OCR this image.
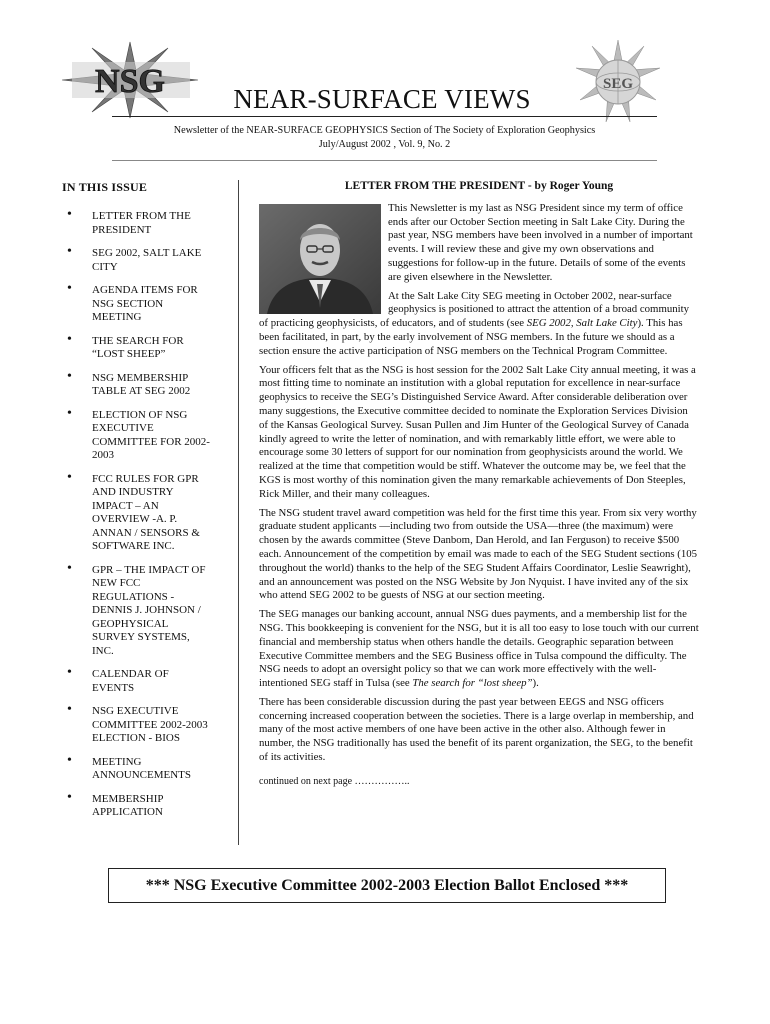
NSG	SEG
NEAR-SURFACE VIEWS
Newsletter of the NEAR-SURFACE GEOPHYSICS Section of The Society of Exploration Geophysics
July/August 2002 , Vol. 9, No. 2
IN THIS ISSUE
• LETTER FROM THE
PRESIDENT
• SEG 2002, SALT LAKE
CITY
• AGENDA ITEMS FOR
NSG SECTION
MEETING
• THE SEARCH FOR
“LOST SHEEP”
• NSG MEMBERSHIP
TABLE AT SEG 2002
• ELECTION OF NSG
EXECUTIVE
COMMITTEE FOR 2002-
2003
• FCC RULES FOR GPR
AND INDUSTRY
IMPACT – AN
OVERVIEW -A. P.
ANNAN / SENSORS &
SOFTWARE INC.
• GPR – THE IMPACT OF
NEW FCC
REGULATIONS -
DENNIS J. JOHNSON /
GEOPHYSICAL
SURVEY SYSTEMS,
INC.
• CALENDAR OF
EVENTS
• NSG EXECUTIVE
COMMITTEE 2002-2003
ELECTION - BIOS
• MEETING
ANNOUNCEMENTS
• MEMBERSHIP
APPLICATION
LETTER FROM THE PRESIDENT - by Roger Young

This Newsletter is my last as NSG President since my term of office ends after our October Section meeting in Salt Lake City. During the past year, NSG members have been involved in a number of important events. I will review these and give my own observations and suggestions for follow-up in the future. Details of some of the events are given elsewhere in the Newsletter.

At the Salt Lake City SEG meeting in October 2002, near-surface geophysics is positioned to attract the attention of a broad community of practicing geophysicists, of educators, and of students (see SEG 2002, Salt Lake City). This has been facilitated, in part, by the early involvement of NSG members. In the future we should as a section ensure the active participation of NSG members on the Technical Program Committee.

Your officers felt that as the NSG is host session for the 2002 Salt Lake City annual meeting, it was a most fitting time to nominate an institution with a global reputation for excellence in near-surface geophysics to receive the SEG’s Distinguished Service Award. After considerable deliberation over many suggestions, the Executive committee decided to nominate the Exploration Services Division of the Kansas Geological Survey. Susan Pullen and Jim Hunter of the Geological Survey of Canada kindly agreed to write the letter of nomination, and with remarkably little effort, we were able to encourage some 30 letters of support for our nomination from geophysicists around the world. We realized at the time that competition would be stiff. Whatever the outcome may be, we feel that the KGS is most worthy of this nomination given the many remarkable achievements of Don Steeples, Rick Miller, and their many colleagues.

The NSG student travel award competition was held for the first time this year. From six very worthy graduate student applicants —including two from outside the USA—three (the maximum) were chosen by the awards committee (Steve Danbom, Dan Herold, and Ian Ferguson) to receive $500 each. Announcement of the competition by email was made to each of the SEG Student sections (105 throughout the world) thanks to the help of the SEG Student Affairs Coordinator, Leslie Seawright), and an announcement was posted on the NSG Website by Jon Nyquist. I have invited any of the six who attend SEG 2002 to be guests of NSG at our section meeting.

The SEG manages our banking account, annual NSG dues payments, and a membership list for the NSG. This bookkeeping is convenient for the NSG, but it is all too easy to lose touch with our current financial and membership status when others handle the details. Geographic separation between Executive Committee members and the SEG Business office in Tulsa compound the difficulty. The NSG needs to adopt an oversight policy so that we can work more effectively with the well-intentioned SEG staff in Tulsa (see The search for “lost sheep”).

There has been considerable discussion during the past year between EEGS and NSG officers concerning increased cooperation between the societies. There is a large overlap in membership, and many of the most active members of one have been active in the other also. Although fewer in number, the NSG traditionally has used the benefit of its parent organization, the SEG, to the benefit of its activities.

continued on next page ……………..
*** NSG Executive Committee 2002-2003 Election Ballot Enclosed ***
